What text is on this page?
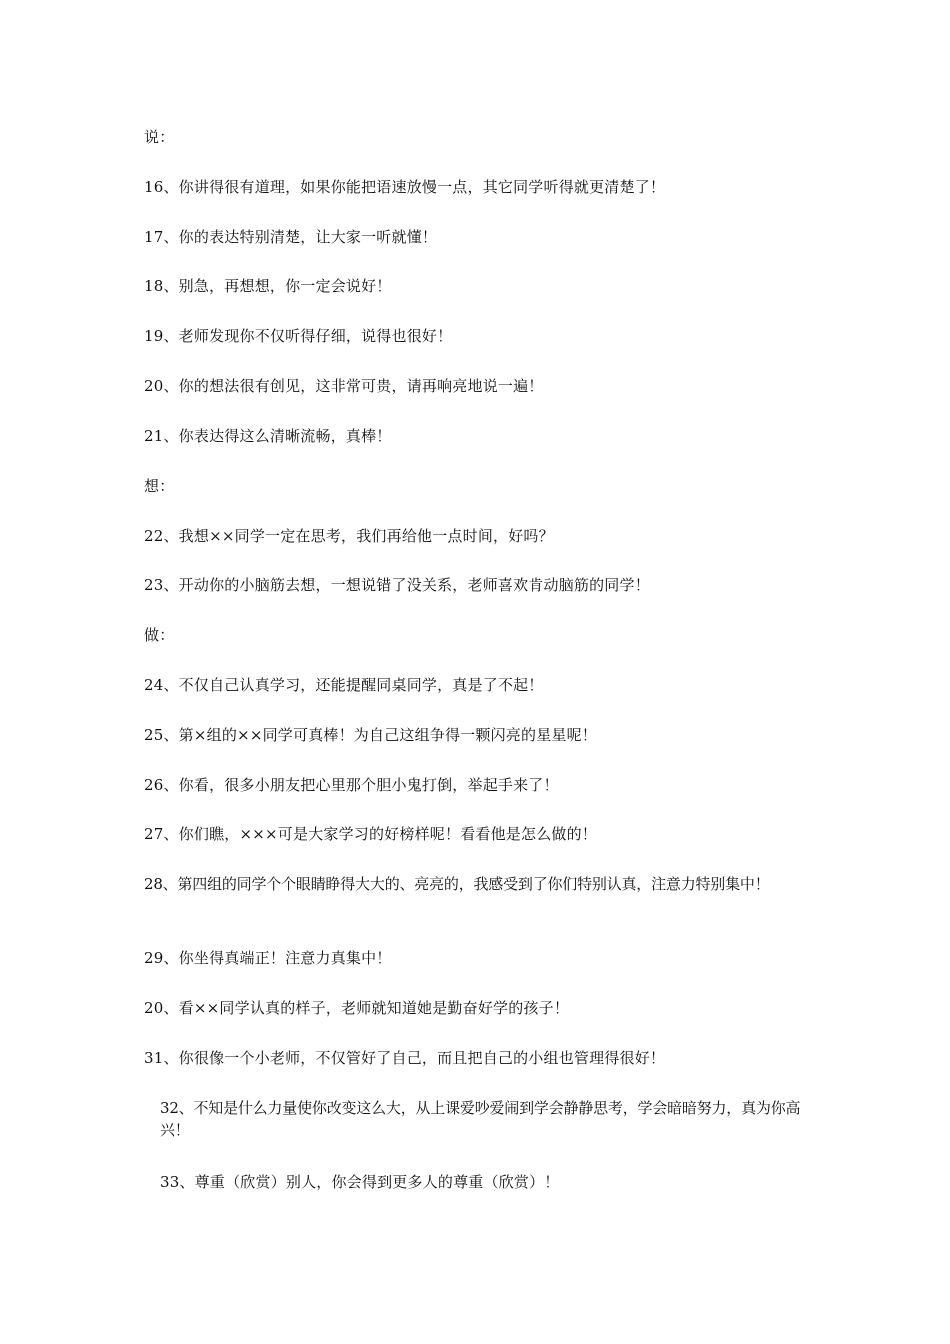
说：
16、你讲得很有道理，如果你能把语速放慢一点，其它同学听得就更清楚了！
17、你的表达特别清楚，让大家一听就懂！
18、别急，再想想，你一定会说好！
19、老师发现你不仅听得仔细，说得也很好！
20、你的想法很有创见，这非常可贵，请再响亮地说一遍！
21、你表达得这么清晰流畅，真棒！
想：
22、我想××同学一定在思考，我们再给他一点时间，好吗？
23、开动你的小脑筋去想，一想说错了没关系，老师喜欢肯动脑筋的同学！
做：
24、不仅自己认真学习，还能提醒同桌同学，真是了不起！
25、第×组的××同学可真棒！为自己这组争得一颗闪亮的星星呢！
26、你看，很多小朋友把心里那个胆小鬼打倒，举起手来了！
27、你们瞧，×××可是大家学习的好榜样呢！看看他是怎么做的！
28、第四组的同学个个眼睛睁得大大的、亮亮的，我感受到了你们特别认真，注意力特别集中！
29、你坐得真端正！注意力真集中！
20、看××同学认真的样子，老师就知道她是勤奋好学的孩子！
31、你很像一个小老师，不仅管好了自己，而且把自己的小组也管理得很好！
32、不知是什么力量使你改变这么大，从上课爱吵爱闹到学会静静思考，学会暗暗努力，真为你高兴！
33、尊重（欣赏）别人，你会得到更多人的尊重（欣赏）！
